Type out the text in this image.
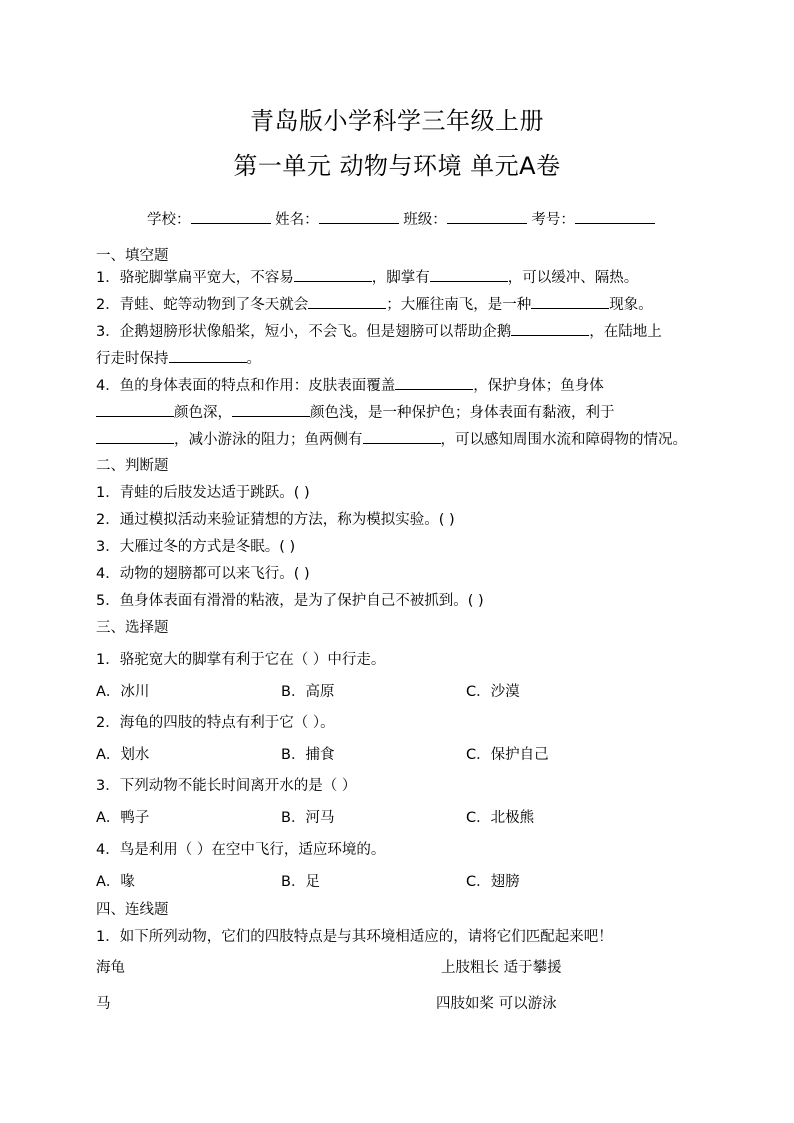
青岛版小学科学三年级上册
第一单元 动物与环境 单元A卷
学校：	姓名：	班级：	考号：
一、填空题
1．骆驼脚掌扁平宽大，不容易	，脚掌有	，可以缓冲、隔热。
2．青蛙、蛇等动物到了冬天就会	；大雁往南飞，是一种	现象。
3．企鹅翅膀形状像船桨，短小，不会飞。但是翅膀可以帮助企鹅	，在陆地上
行走时保持	。
4．鱼的身体表面的特点和作用：皮肤表面覆盖	，保护身体；鱼身体
颜色深，	颜色浅，是一种保护色；身体表面有黏液，利于
，减小游泳的阻力；鱼两侧有	，可以感知周围水流和障碍物的情况。
二、判断题
1．青蛙的后肢发达适于跳跃。( )
2．通过模拟活动来验证猜想的方法，称为模拟实验。( )
3．大雁过冬的方式是冬眠。( )
4．动物的翅膀都可以来飞行。( )
5．鱼身体表面有滑滑的粘液，是为了保护自己不被抓到。( )
三、选择题
1．骆驼宽大的脚掌有利于它在（ ）中行走。
A．冰川	B．高原	C．沙漠
2．海龟的四肢的特点有利于它（ ）。
A．划水	B．捕食	C．保护自己
3．下列动物不能长时间离开水的是（ ）
A．鸭子	B．河马	C．北极熊
4．鸟是利用（ ）在空中飞行，适应环境的。
A．喙	B．足	C．翅膀
四、连线题
1．如下所列动物，它们的四肢特点是与其环境相适应的，请将它们匹配起来吧！
海龟	上肢粗长 适于攀援
马	四肢如桨 可以游泳
